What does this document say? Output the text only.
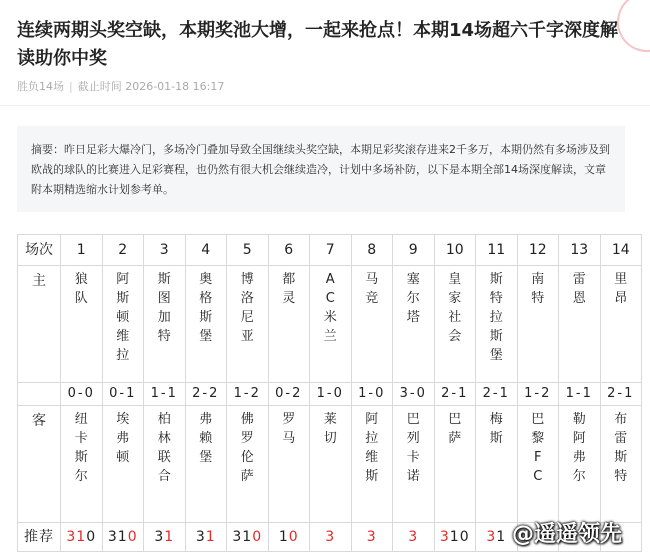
连续两期头奖空缺，本期奖池大增，一起来抢点！本期14场超六千字深度解读助你中奖
胜负14场 | 截止时间 2026-01-18 16:17
摘要：昨日足彩大爆冷门，多场冷门叠加导致全国继续头奖空缺，本期足彩奖滚存进来2千多万，本期仍然有多场涉及到欧战的球队的比赛进入足彩赛程，也仍然有很大机会继续造冷，计划中多场补防，以下是本期全部14场深度解读，文章附本期精选缩水计划参考单。
场次	1	2	3	4	5	6	7	8	9	10	11	12	13	14
主	狼队	阿斯顿维拉	斯图加特	奥格斯堡	博洛尼亚	都灵	AC米兰	马竞	塞尔塔	皇家社会	斯特拉斯堡	南特	雷恩	里昂
	0-0	0-1	1-1	2-2	1-2	0-2	1-0	1-0	3-0	2-1	2-1	1-2	1-1	2-1
客	纽卡斯尔	埃弗顿	柏林联合	弗赖堡	佛罗伦萨	罗马	莱切	阿拉维斯	巴列卡诺	巴萨	梅斯	巴黎FC	勒阿弗尔	布雷斯特
推荐	310	310	31	31	310	10	3	3	3	310	31			@遥遥领先
